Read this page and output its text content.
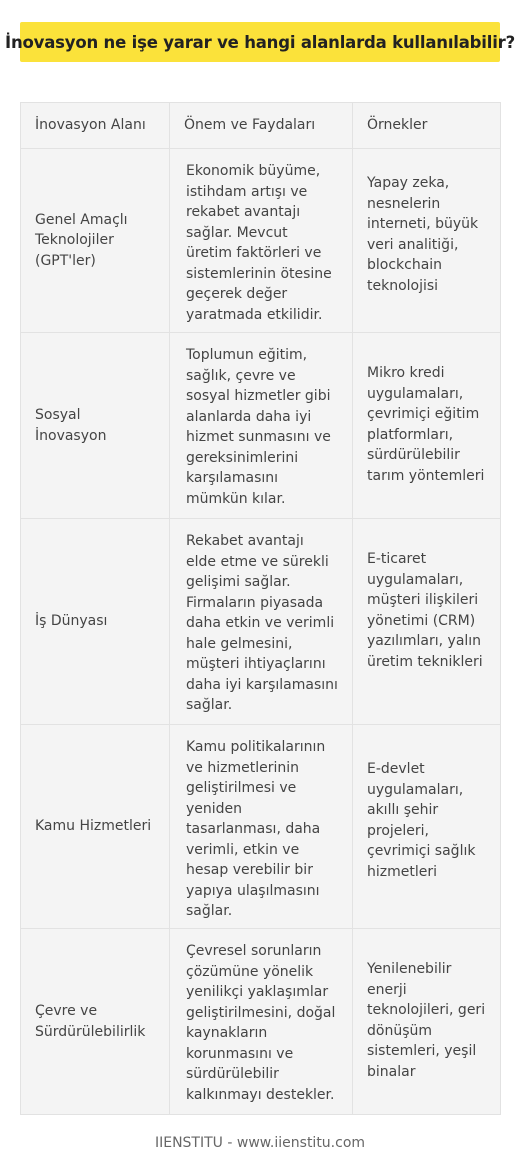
İnovasyon ne işe yarar ve hangi alanlarda kullanılabilir?
İnovasyon Alanı	Önem ve Faydaları	Örnekler
Genel Amaçlı Teknolojiler (GPT'ler)	Ekonomik büyüme, istihdam artışı ve rekabet avantajı sağlar. Mevcut üretim faktörleri ve sistemlerinin ötesine geçerek değer yaratmada etkilidir.	Yapay zeka, nesnelerin interneti, büyük veri analitiği, blockchain teknolojisi
Sosyal İnovasyon	Toplumun eğitim, sağlık, çevre ve sosyal hizmetler gibi alanlarda daha iyi hizmet sunmasını ve gereksinimlerini karşılamasını mümkün kılar.	Mikro kredi uygulamaları, çevrimiçi eğitim platformları, sürdürülebilir tarım yöntemleri
İş Dünyası	Rekabet avantajı elde etme ve sürekli gelişimi sağlar. Firmaların piyasada daha etkin ve verimli hale gelmesini, müşteri ihtiyaçlarını daha iyi karşılamasını sağlar.	E-ticaret uygulamaları, müşteri ilişkileri yönetimi (CRM) yazılımları, yalın üretim teknikleri
Kamu Hizmetleri	Kamu politikalarının ve hizmetlerinin geliştirilmesi ve yeniden tasarlanması, daha verimli, etkin ve hesap verebilir bir yapıya ulaşılmasını sağlar.	E-devlet uygulamaları, akıllı şehir projeleri, çevrimiçi sağlık hizmetleri
Çevre ve Sürdürülebilirlik	Çevresel sorunların çözümüne yönelik yenilikçi yaklaşımlar geliştirilmesini, doğal kaynakların korunmasını ve sürdürülebilir kalkınmayı destekler.	Yenilenebilir enerji teknolojileri, geri dönüşüm sistemleri, yeşil binalar
IIENSTITU - www.iienstitu.com
